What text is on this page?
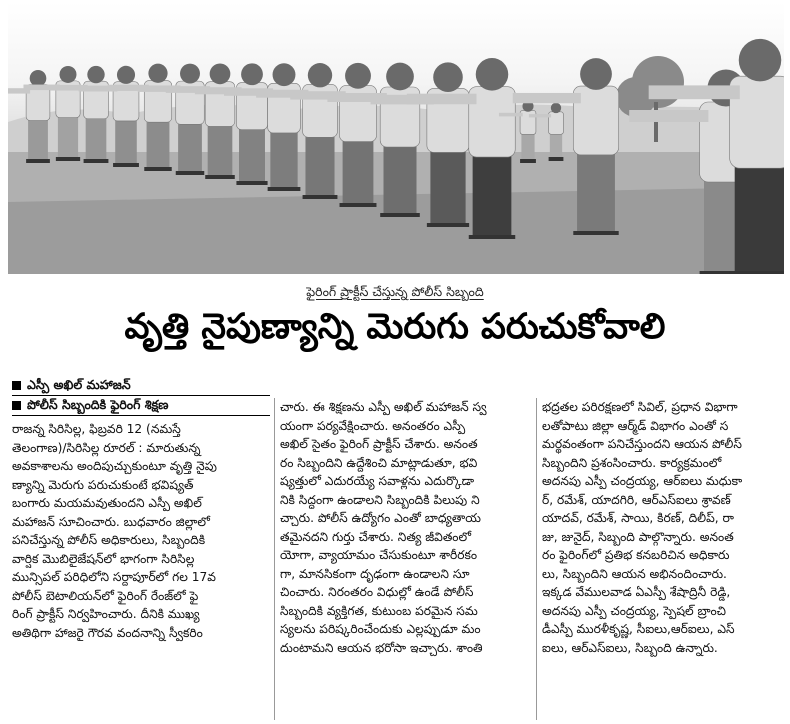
ఫైరింగ్ ప్రాక్టీస్ చేస్తున్న పోలీస్ సిబ్బంది
వృత్తి నైపుణ్యాన్ని మెరుగు పరుచుకోవాలి
ఎస్పీ అఖిల్ మహాజన్
పోలీస్ సిబ్బందికి ఫైరింగ్ శిక్షణ
రాజన్న సిరిసిల్ల, ఫిబ్రవరి 12 (నమస్తే
తెలంగాణ)/సిరిసిల్ల రూరల్ : మారుతున్న
అవకాశాలను అందిపుచ్చుకుంటూ వృత్తి నైపు
ణ్యాన్ని మెరుగు పరుచుకుంటే భవిష్యత్
బంగారు మయమవుతుందని ఎస్పీ అఖిల్
మహాజన్ సూచించారు. బుధవారం జిల్లాలో
పనిచేస్తున్న పోలీస్ అధికారులు, సిబ్బందికి
వార్షిక మొబిలైజేషన్‌లో భాగంగా సిరిసిల్ల
మున్సిపల్ పరిధిలోని సర్దాపూర్‌లో గల 17వ
పోలీస్ బెటాలియన్‌లో ఫైరింగ్ రేంజ్‌లో ఫై
రింగ్ ప్రాక్టీస్ నిర్వహించారు. దీనికి ముఖ్య
అతిథిగా హాజరై గౌరవ వందనాన్ని స్వీకరిం
చారు. ఈ శిక్షణను ఎస్పీ అఖిల్ మహాజన్ స్వ
యంగా పర్యవేక్షించారు. అనంతరం ఎస్పీ
అఖిల్ సైతం ఫైరింగ్ ప్రాక్టీస్ చేశారు. అనంత
రం సిబ్బందిని ఉద్దేశించి మాట్లాడుతూ, భవి
ష్యత్తులో ఎదురయ్యే సవాళ్లను ఎదుర్కొడా
నికి సిద్ధంగా ఉండాలని సిబ్బందికి పిలుపు ని
చ్చారు. పోలీస్ ఉద్యోగం ఎంతో బాధ్యతాయ
తమైనదని గుర్తు చేశారు. నిత్య జీవితంలో
యోగా, వ్యాయామం చేసుకుంటూ శారీరకం
గా, మానసికంగా దృఢంగా ఉండాలని సూ
చించారు. నిరంతరం విధుల్లో ఉండే పోలీస్
సిబ్బందికి వ్యక్తిగత, కుటుంబ పరమైన సమ
స్యలను పరిష్కరించేందుకు ఎల్లప్పుడూ మం
దుంటామని ఆయన భరోసా ఇచ్చారు. శాంతి
భద్రతల పరిరక్షణలో సివిల్, ప్రధాన విభాగా
లతోపాటు జిల్లా ఆర్మ్‌డ్ విభాగం ఎంతో స
మర్థవంతంగా పనిచేస్తుందని ఆయన పోలీస్
సిబ్బందిని ప్రశంసించారు. కార్యక్రమంలో
అదనపు ఎస్పీ చంద్రయ్య, ఆర్‌ఐలు మధుకా
ర్, రమేశ్, యాదగిరి, ఆర్‌ఎస్‌ఐలు శ్రావణ్
యాదవ్, రమేశ్, సాయి, కిరణ్, దిలీప్, రా
జు, జునైద్, సిబ్బంది పాల్గొన్నారు. అనంత
రం ఫైరింగ్‌లో ప్రతిభ కనబరిచిన అధికారు
లు, సిబ్బందిని ఆయన అభినందించారు.
ఇక్కడ వేములవాడ ఏఎస్పీ శేషాద్రినీ రెడ్డి,
అదనపు ఎస్పీ చంద్రయ్య, స్పెషల్ బ్రాంచి
డీఎస్పీ మురళీకృష్ణ, సీఐలు,ఆర్‌ఐలు, ఎస్
ఐలు, ఆర్‌ఎస్‌ఐలు, సిబ్బంది ఉన్నారు.
